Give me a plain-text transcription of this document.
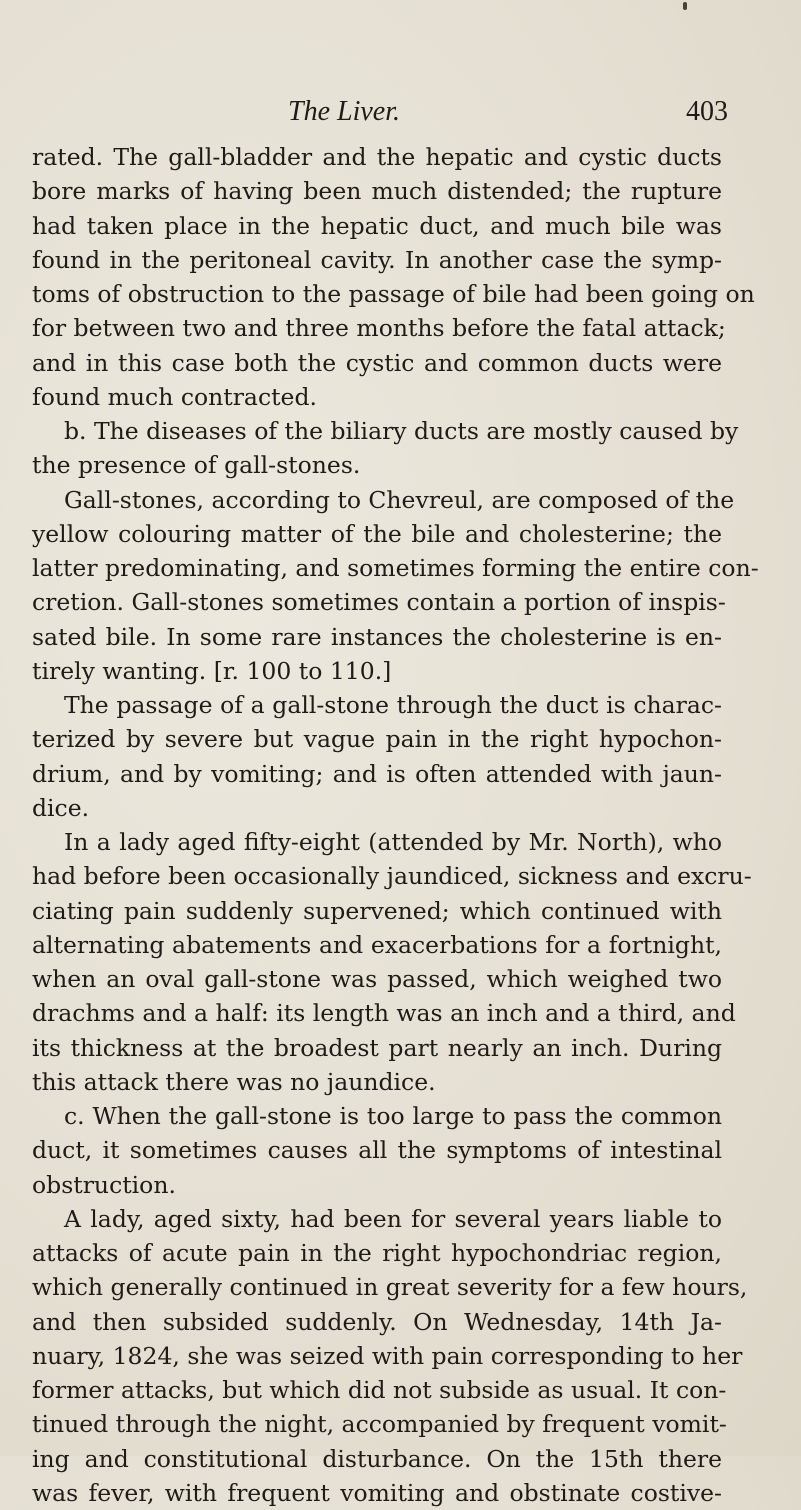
The Liver.	403
rated. The gall-bladder and the hepatic and cystic ducts
bore marks of having been much distended; the rupture
had taken place in the hepatic duct, and much bile was
found in the peritoneal cavity. In another case the symp-
toms of obstruction to the passage of bile had been going on
for between two and three months before the fatal attack;
and in this case both the cystic and common ducts were
found much contracted.
b. The diseases of the biliary ducts are mostly caused by
the presence of gall-stones.
Gall-stones, according to Chevreul, are composed of the
yellow colouring matter of the bile and cholesterine; the
latter predominating, and sometimes forming the entire con-
cretion. Gall-stones sometimes contain a portion of inspis-
sated bile. In some rare instances the cholesterine is en-
tirely wanting. [r. 100 to 110.]
The passage of a gall-stone through the duct is charac-
terized by severe but vague pain in the right hypochon-
drium, and by vomiting; and is often attended with jaun-
dice.
In a lady aged fifty-eight (attended by Mr. North), who
had before been occasionally jaundiced, sickness and excru-
ciating pain suddenly supervened; which continued with
alternating abatements and exacerbations for a fortnight,
when an oval gall-stone was passed, which weighed two
drachms and a half: its length was an inch and a third, and
its thickness at the broadest part nearly an inch. During
this attack there was no jaundice.
c. When the gall-stone is too large to pass the common
duct, it sometimes causes all the symptoms of intestinal
obstruction.
A lady, aged sixty, had been for several years liable to
attacks of acute pain in the right hypochondriac region,
which generally continued in great severity for a few hours,
and then subsided suddenly. On Wednesday, 14th Ja-
nuary, 1824, she was seized with pain corresponding to her
former attacks, but which did not subside as usual. It con-
tinued through the night, accompanied by frequent vomit-
ing and constitutional disturbance. On the 15th there
was fever, with frequent vomiting and obstinate costive-
